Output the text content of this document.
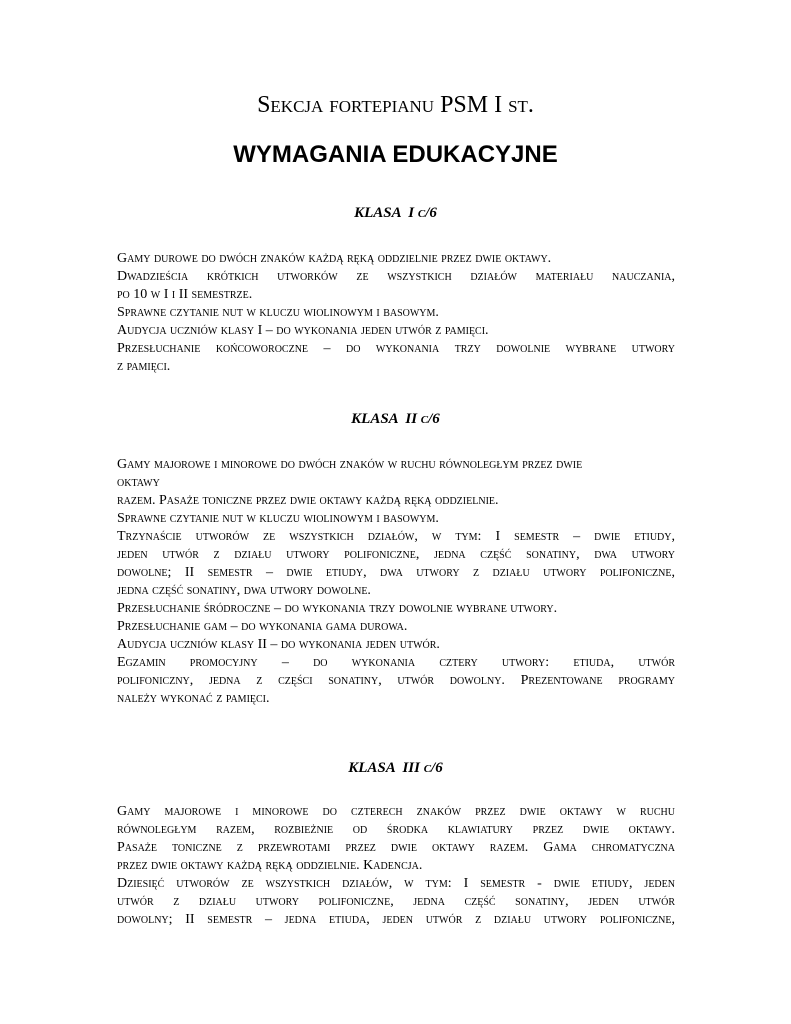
Sekcja fortepianu PSM I st.
WYMAGANIA EDUKACYJNE
KLASA  I c/6
Gamy durowe do dwóch znaków każdą ręką oddzielnie przez dwie oktawy.
Dwadzieścia krótkich utworków ze wszystkich działów materiału nauczania,
po 10 w I i II semestrze.
Sprawne czytanie nut w kluczu wiolinowym i basowym.
Audycja uczniów klasy I – do wykonania jeden utwór z pamięci.
Przesłuchanie końcoworoczne – do wykonania trzy dowolnie wybrane utwory
z pamięci.
KLASA  II c/6
Gamy majorowe i minorowe do dwóch znaków w ruchu równoległym przez dwie
oktawy
razem. Pasaże toniczne przez dwie oktawy każdą ręką oddzielnie.
Sprawne czytanie nut w kluczu wiolinowym i basowym.
Trzynaście utworów ze wszystkich działów, w tym: I semestr – dwie etiudy,
jeden utwór z działu utwory polifoniczne, jedna część sonatiny, dwa utwory
dowolne; II semestr – dwie etiudy, dwa utwory z działu utwory polifoniczne,
jedna część sonatiny, dwa utwory dowolne.
Przesłuchanie śródroczne – do wykonania trzy dowolnie wybrane utwory.
Przesłuchanie gam – do wykonania gama durowa.
Audycja uczniów klasy II – do wykonania jeden utwór.
Egzamin promocyjny – do wykonania cztery utwory: etiuda, utwór
polifoniczny, jedna z części sonatiny, utwór dowolny. Prezentowane programy
należy wykonać z pamięci.
KLASA  III c/6
Gamy majorowe i minorowe do czterech znaków przez dwie oktawy w ruchu
równoległym razem, rozbieżnie od środka klawiatury przez dwie oktawy.
Pasaże toniczne z przewrotami przez dwie oktawy razem. Gama chromatyczna
przez dwie oktawy każdą ręką oddzielnie. Kadencja.
Dziesięć utworów ze wszystkich działów, w tym: I semestr - dwie etiudy, jeden
utwór z działu utwory polifoniczne, jedna część sonatiny, jeden utwór
dowolny; II semestr – jedna etiuda, jeden utwór z działu utwory polifoniczne,
